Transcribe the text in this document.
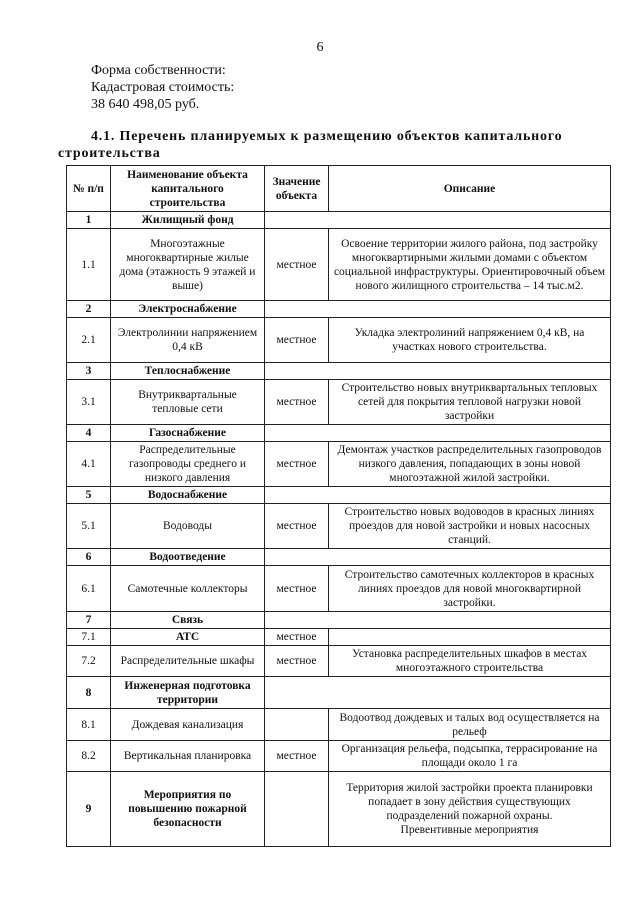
6
Форма собственности:
Кадастровая стоимость:
38 640 498,05 руб.
4.1. Перечень планируемых к размещению объектов капитального
строительства
№ п/п	Наименование объекта капитального строительства	Значение объекта	Описание
1	Жилищный фонд		
1.1	Многоэтажные многоквартирные жилые дома (этажность 9 этажей и выше)	местное	Освоение территории жилого района, под застройку многоквартирными жилыми домами с объектом социальной инфраструктуры. Ориентировочный объем нового жилищного строительства – 14 тыс.м2.
2	Электроснабжение		
2.1	Электролинии напряжением 0,4 кВ	местное	Укладка электролиний напряжением 0,4 кВ, на участках нового строительства.
3	Теплоснабжение		
3.1	Внутриквартальные тепловые сети	местное	Строительство новых внутриквартальных тепловых сетей для покрытия тепловой нагрузки новой застройки
4	Газоснабжение		
4.1	Распределительные газопроводы среднего и низкого давления	местное	Демонтаж участков распределительных газопроводов низкого давления, попадающих в зоны новой многоэтажной жилой застройки.
5	Водоснабжение		
5.1	Водоводы	местное	Строительство новых водоводов в красных линиях проездов для новой застройки и новых насосных станций.
6	Водоотведение		
6.1	Самотечные коллекторы	местное	Строительство самотечных коллекторов в красных линиях проездов для новой многоквартирной застройки.
7	Связь		
7.1	АТС	местное	
7.2	Распределительные шкафы	местное	Установка распределительных шкафов в местах многоэтажного строительства
8	Инженерная подготовка территории		
8.1	Дождевая канализация		Водоотвод дождевых и талых вод осуществляется на рельеф
8.2	Вертикальная планировка	местное	Организация рельефа, подсыпка, террасирование на площади около 1 га
9	Мероприятия по повышению пожарной безопасности		Территория жилой застройки проекта планировки попадает в зону действия существующих подразделений пожарной охраны.
Превентивные мероприятия
